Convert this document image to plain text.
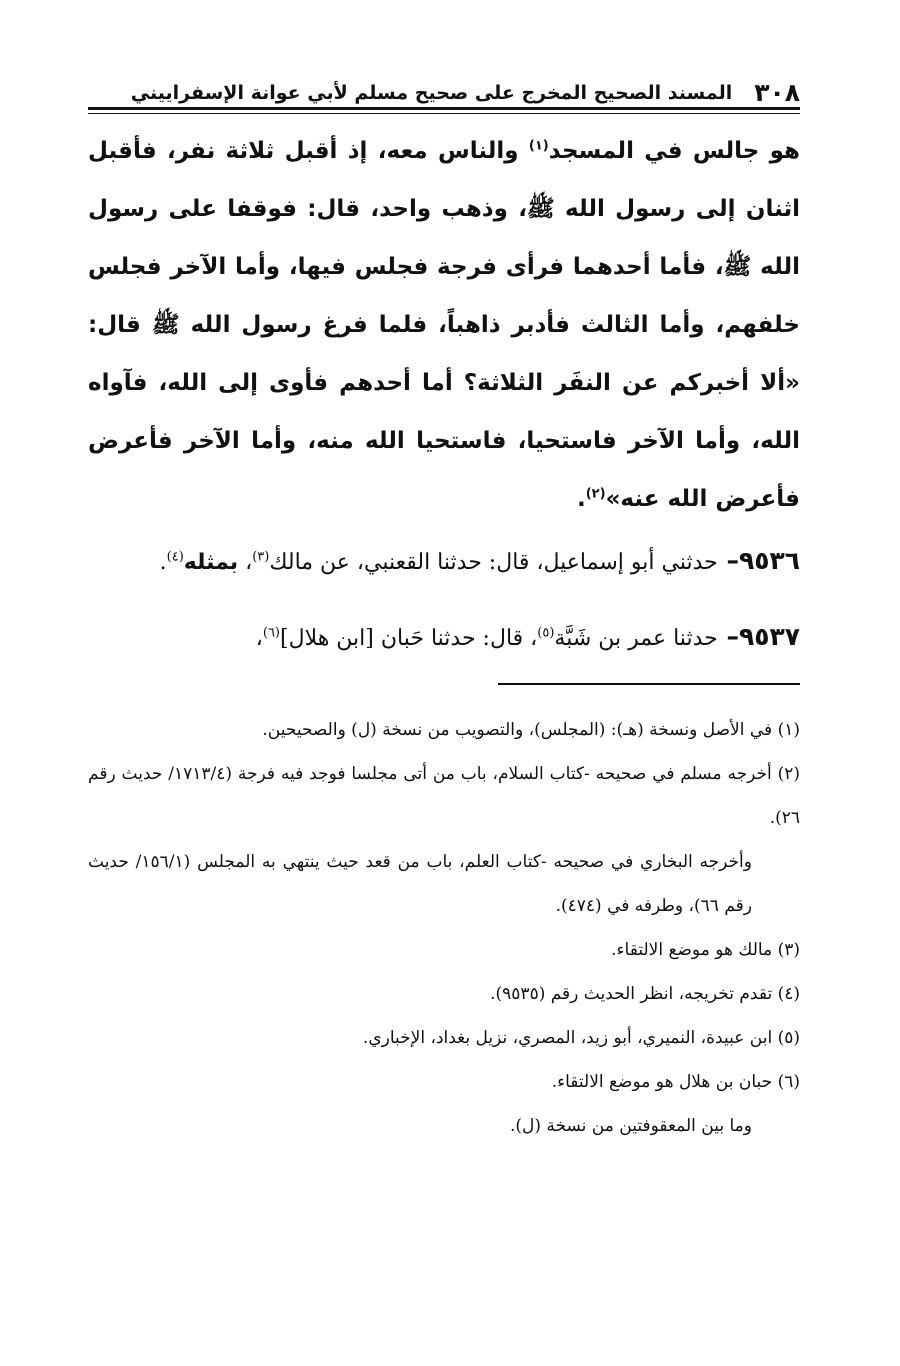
٣٠٨
المسند الصحيح المخرج على صحيح مسلم لأبي عوانة الإسفراييني

هو جالس في المسجد$^{(١)}$ والناس معه، إذ أقبل ثلاثة نفر، فأقبل اثنان إلى رسول الله ﷺ، وذهب واحد، قال: فوقفا على رسول الله ﷺ، فأما أحدهما فرأى فرجة فجلس فيها، وأما الآخر فجلس خلفهم، وأما الثالث فأدبر ذاهباً، فلما فرغ رسول الله ﷺ قال: «ألا أخبركم عن النفَر الثلاثة؟ أما أحدهم فأوى إلى الله، فآواه الله، وأما الآخر فاستحيا، فاستحيا الله منه، وأما الآخر فأعرض فأعرض الله عنه»$^{(٢)}$.

٩٥٣٦– حدثني أبو إسماعيل، قال: حدثنا القعنبي، عن مالك$^{(٣)}$، بمثله$^{(٤)}$.

٩٥٣٧– حدثنا عمر بن شَبَّة$^{(٥)}$، قال: حدثنا حَبان [ابن هلال]$^{(٦)}$،

(١) في الأصل ونسخة (هـ): (المجلس)، والتصويب من نسخة (ل) والصحيحين.

(٢) أخرجه مسلم في صحيحه -كتاب السلام، باب من أتى مجلسا فوجد فيه فرجة (١٧١٣/٤/ حديث رقم ٢٦).

وأخرجه البخاري في صحيحه -كتاب العلم، باب من قعد حيث ينتهي به المجلس (١٥٦/١/ حديث رقم ٦٦)، وطرفه في (٤٧٤).

(٣) مالك هو موضع الالتقاء.

(٤) تقدم تخريجه، انظر الحديث رقم (٩٥٣٥).

(٥) ابن عبيدة، النميري، أبو زيد، المصري، نزيل بغداد، الإخباري.

(٦) حبان بن هلال هو موضع الالتقاء.

وما بين المعقوفتين من نسخة (ل).
